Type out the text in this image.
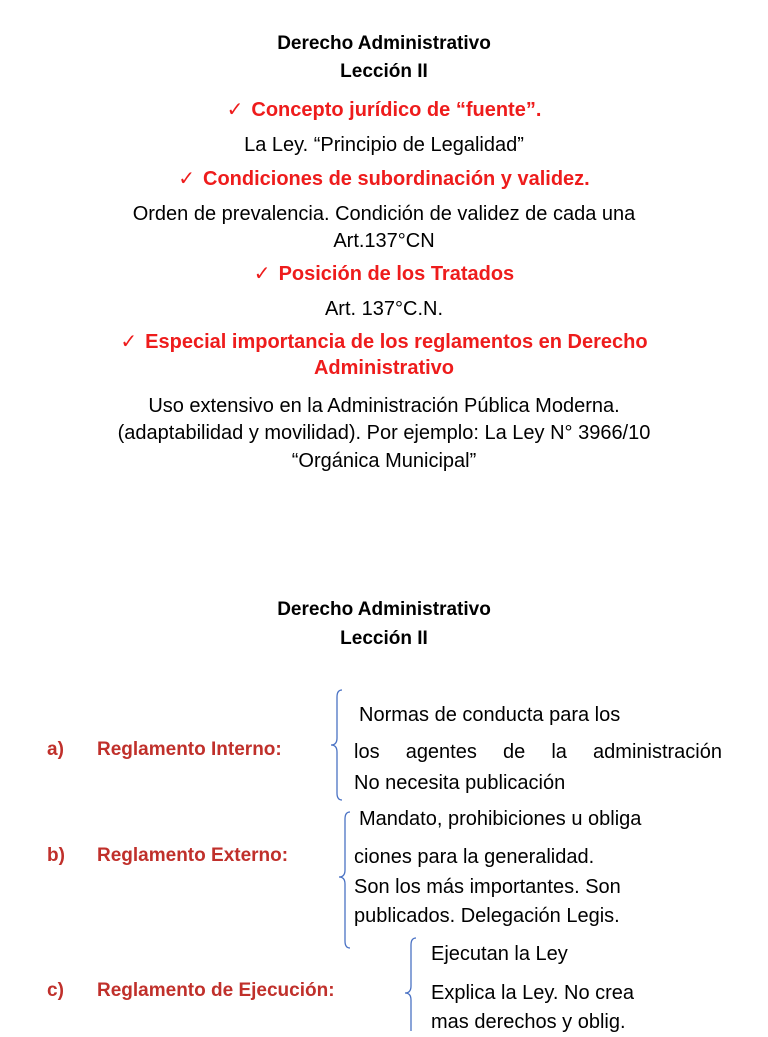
Derecho Administrativo
Lección II
✓ Concepto jurídico de “fuente”.
La Ley. “Principio de Legalidad”
✓ Condiciones de subordinación y validez.
Orden de prevalencia. Condición de validez de cada una
Art.137°CN
✓ Posición de los Tratados
Art. 137°C.N.
✓ Especial importancia de los reglamentos en Derecho
Administrativo
Uso extensivo en la Administración Pública Moderna.
(adaptabilidad y movilidad). Por ejemplo: La Ley N° 3966/10
“Orgánica Municipal”
Derecho Administrativo
Lección II
a) Reglamento Interno:
Normas de conducta para los
los agentes de la administración
No necesita publicación
b) Reglamento Externo:
Mandato, prohibiciones u obliga
ciones para la generalidad.
Son los más importantes. Son
publicados. Delegación Legis.
c) Reglamento de Ejecución:
Ejecutan la Ley
Explica la Ley. No crea
mas derechos y oblig.
